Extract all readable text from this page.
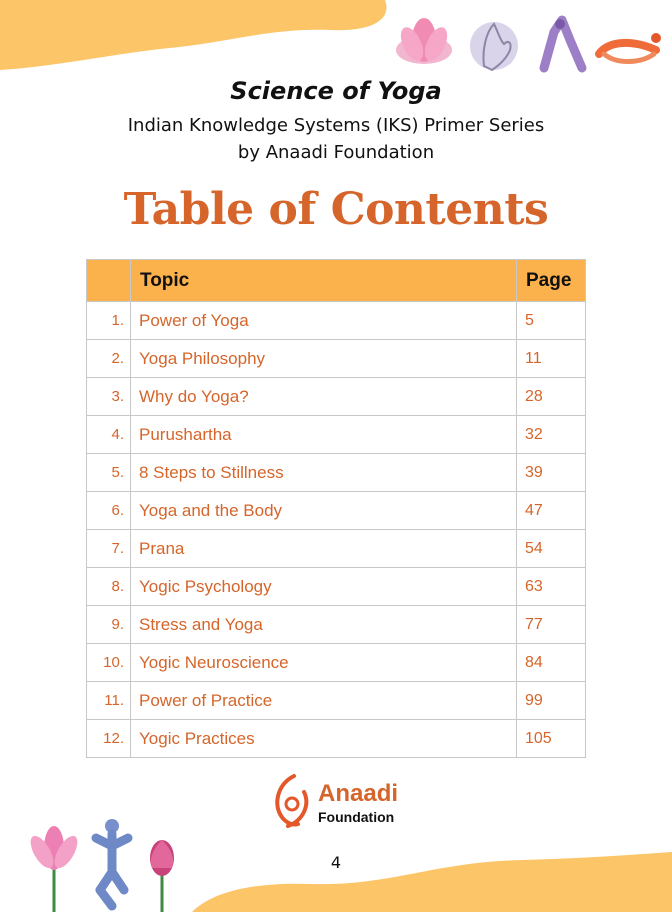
Science of Yoga
Indian Knowledge Systems (IKS) Primer Series
by Anaadi Foundation
Table of Contents
	Topic	Page
1.	Power of Yoga	5
2.	Yoga Philosophy	11
3.	Why do Yoga?	28
4.	Purushartha	32
5.	8 Steps to Stillness	39
6.	Yoga and the Body	47
7.	Prana	54
8.	Yogic Psychology	63
9.	Stress and Yoga	77
10.	Yogic Neuroscience	84
11.	Power of Practice	99
12.	Yogic Practices	105
Anaadi
Foundation
4
